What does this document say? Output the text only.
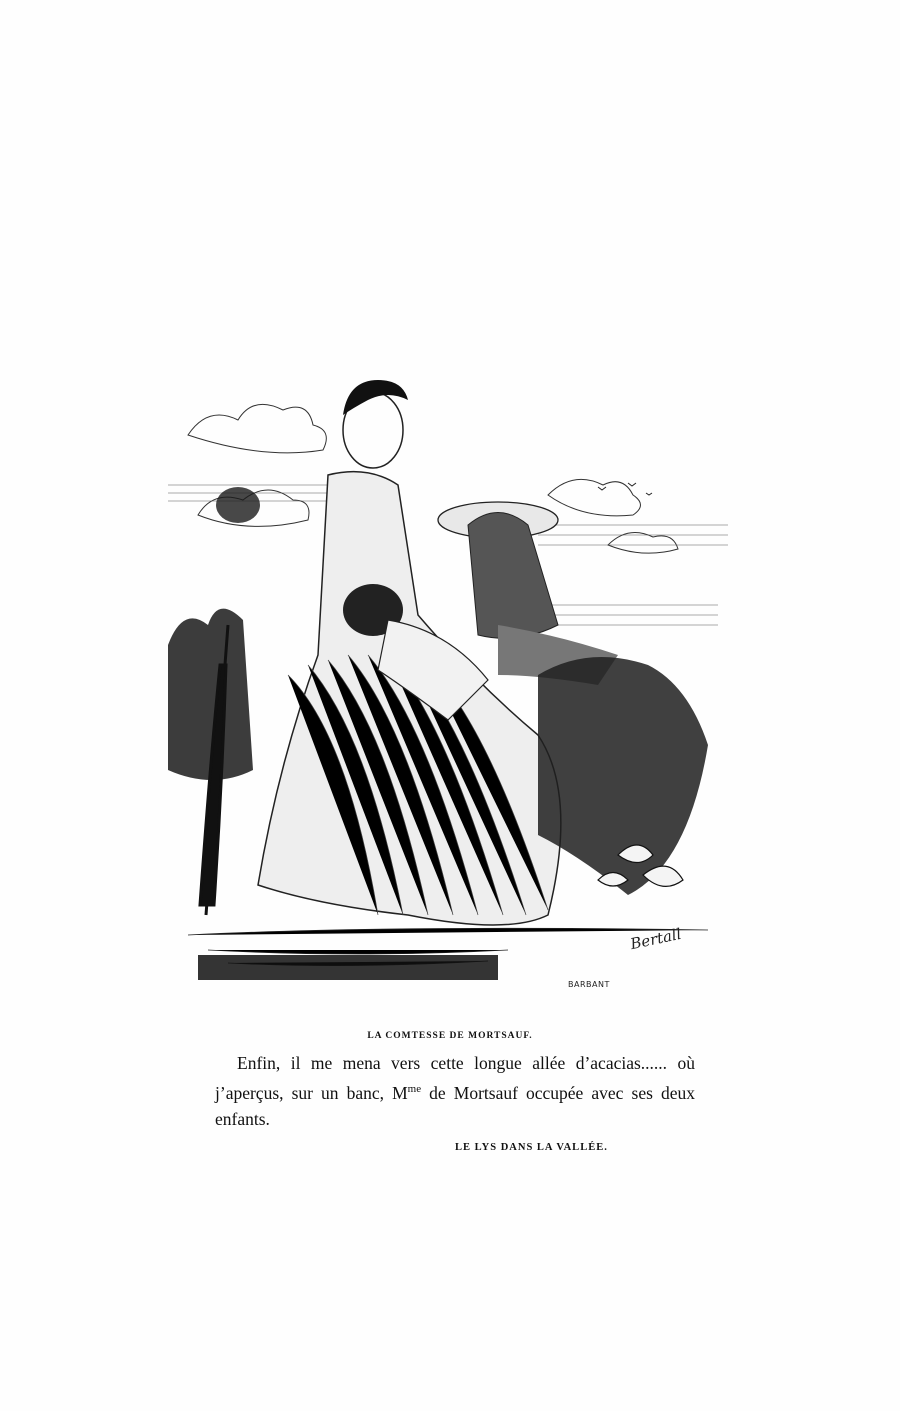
Bertall
BARBANT
LA COMTESSE DE MORTSAUF.

Enfin, il me mena vers cette longue allée d’acacias...... où j’aperçus, sur un banc, $M^{me}$ de Mortsauf occupée avec ses deux enfants.

LE LYS DANS LA VALLÉE.
